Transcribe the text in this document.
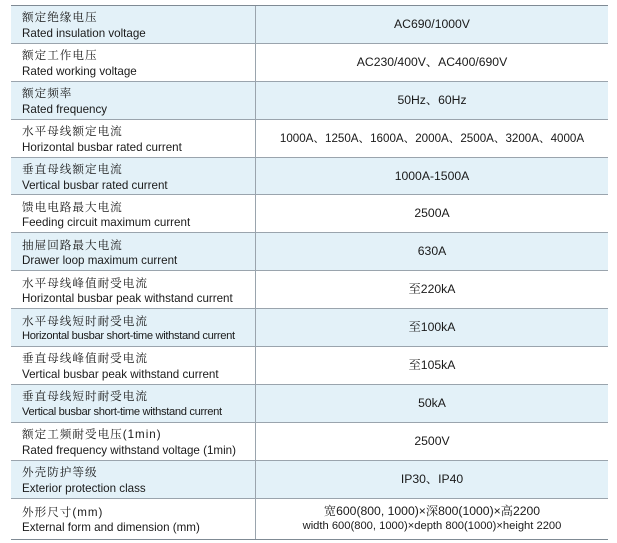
额定绝缘电压
Rated insulation voltage
AC690/1000V
额定工作电压
Rated working voltage
AC230/400V、AC400/690V
额定频率
Rated frequency
50Hz、60Hz
水平母线额定电流
Horizontal busbar rated current
1000A、1250A、1600A、2000A、2500A、3200A、4000A
垂直母线额定电流
Vertical busbar rated current
1000A-1500A
馈电电路最大电流
Feeding circuit maximum current
2500A
抽屉回路最大电流
Drawer loop maximum current
630A
水平母线峰值耐受电流
Horizontal busbar peak withstand current
至220kA
水平母线短时耐受电流
Horizontal busbar short-time withstand current
至100kA
垂直母线峰值耐受电流
Vertical busbar peak withstand current
至105kA
垂直母线短时耐受电流
Vertical busbar short-time withstand current
50kA
额定工频耐受电压(1min)
Rated frequency withstand voltage (1min)
2500V
外壳防护等级
Exterior protection class
IP30、IP40
外形尺寸(mm)
External form and dimension (mm)
宽600(800, 1000)×深800(1000)×高2200
width 600(800, 1000)×depth 800(1000)×height 2200
